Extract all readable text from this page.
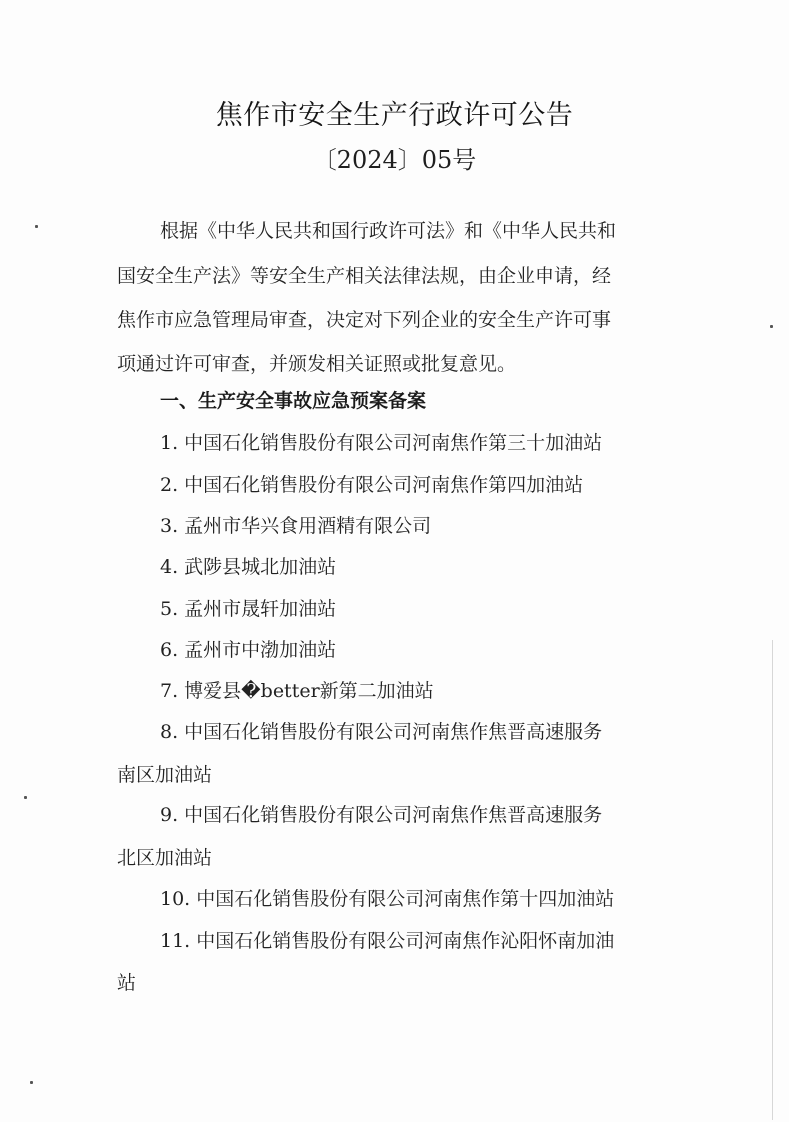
焦作市安全生产行政许可公告
〔2024〕05号
根据《中华人民共和国行政许可法》和《中华人民共和
国安全生产法》等安全生产相关法律法规，由企业申请，经
焦作市应急管理局审查，决定对下列企业的安全生产许可事
项通过许可审查，并颁发相关证照或批复意见。
一、生产安全事故应急预案备案
1. 中国石化销售股份有限公司河南焦作第三十加油站
2. 中国石化销售股份有限公司河南焦作第四加油站
3. 孟州市华兴食用酒精有限公司
4. 武陟县城北加油站
5. 孟州市晟轩加油站
6. 孟州市中渤加油站
7. 博爱县�better新第二加油站
8. 中国石化销售股份有限公司河南焦作焦晋高速服务
南区加油站
9. 中国石化销售股份有限公司河南焦作焦晋高速服务
北区加油站
10. 中国石化销售股份有限公司河南焦作第十四加油站
11. 中国石化销售股份有限公司河南焦作沁阳怀南加油
站
